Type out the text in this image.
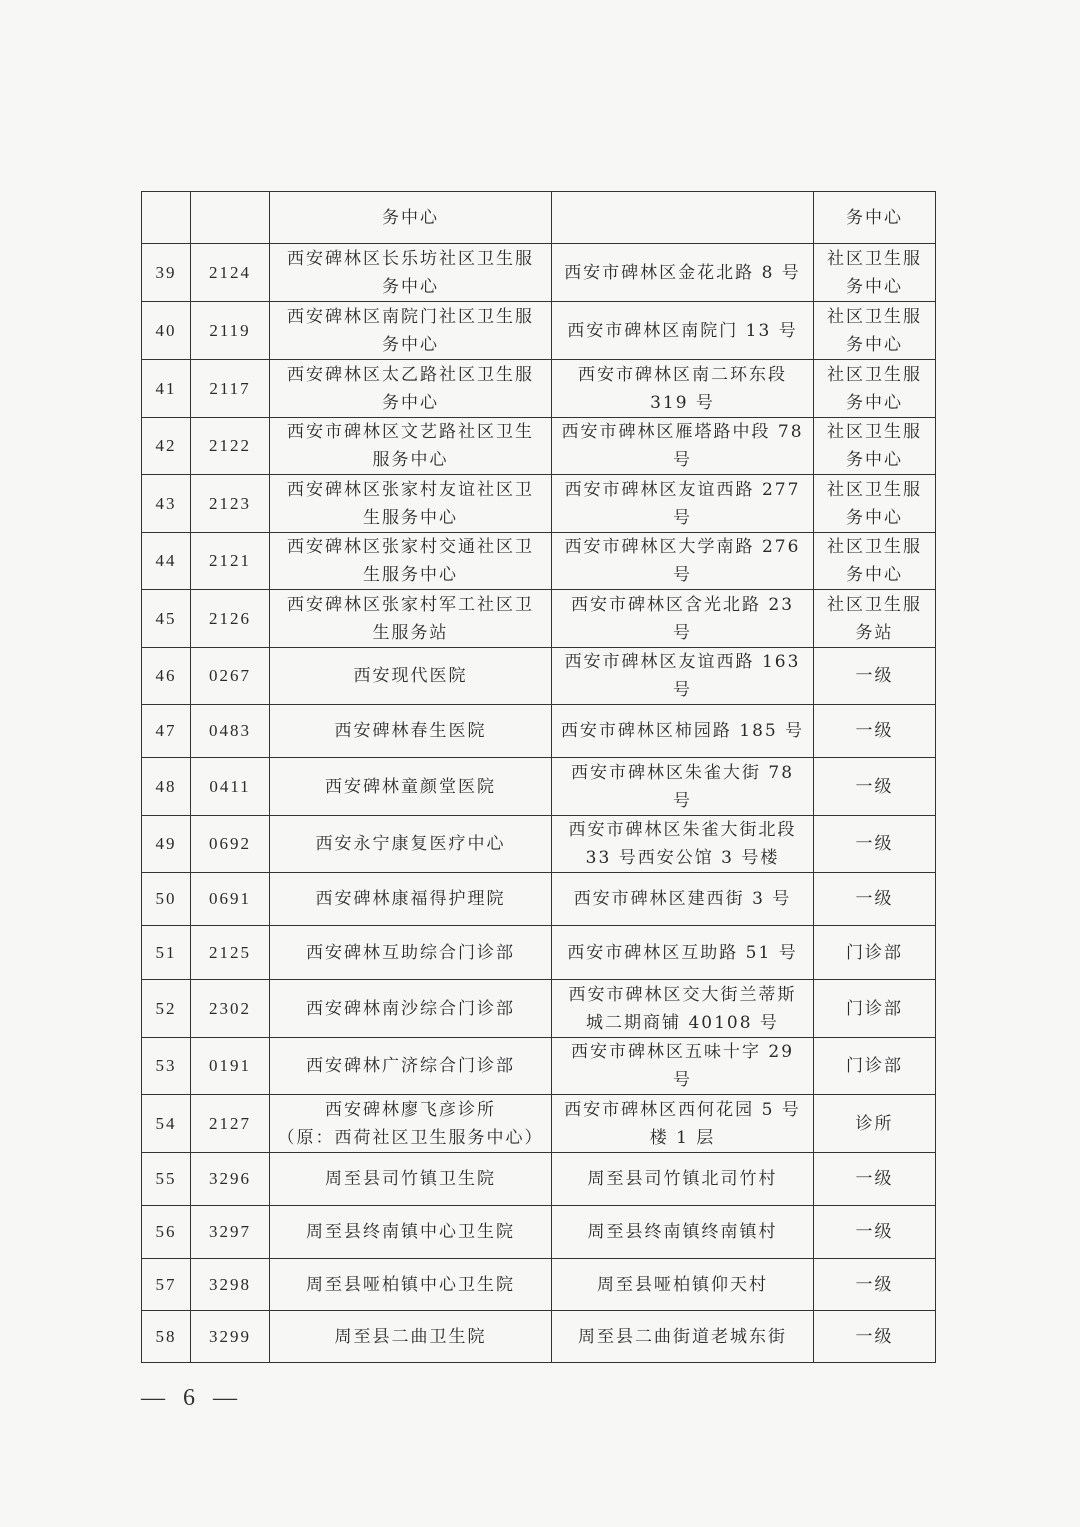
		务中心		务中心
39	2124	西安碑林区长乐坊社区卫生服
务中心	西安市碑林区金花北路 8 号	社区卫生服
务中心
40	2119	西安碑林区南院门社区卫生服
务中心	西安市碑林区南院门 13 号	社区卫生服
务中心
41	2117	西安碑林区太乙路社区卫生服
务中心	西安市碑林区南二环东段
319 号	社区卫生服
务中心
42	2122	西安市碑林区文艺路社区卫生
服务中心	西安市碑林区雁塔路中段 78
号	社区卫生服
务中心
43	2123	西安碑林区张家村友谊社区卫
生服务中心	西安市碑林区友谊西路 277
号	社区卫生服
务中心
44	2121	西安碑林区张家村交通社区卫
生服务中心	西安市碑林区大学南路 276
号	社区卫生服
务中心
45	2126	西安碑林区张家村军工社区卫
生服务站	西安市碑林区含光北路 23
号	社区卫生服
务站
46	0267	西安现代医院	西安市碑林区友谊西路 163
号	一级
47	0483	西安碑林春生医院	西安市碑林区柿园路 185 号	一级
48	0411	西安碑林童颜堂医院	西安市碑林区朱雀大街 78
号	一级
49	0692	西安永宁康复医疗中心	西安市碑林区朱雀大街北段
33 号西安公馆 3 号楼	一级
50	0691	西安碑林康福得护理院	西安市碑林区建西街 3 号	一级
51	2125	西安碑林互助综合门诊部	西安市碑林区互助路 51 号	门诊部
52	2302	西安碑林南沙综合门诊部	西安市碑林区交大街兰蒂斯
城二期商铺 40108 号	门诊部
53	0191	西安碑林广济综合门诊部	西安市碑林区五味十字 29
号	门诊部
54	2127	西安碑林廖飞彦诊所
（原：西荷社区卫生服务中心）	西安市碑林区西何花园 5 号
楼 1 层	诊所
55	3296	周至县司竹镇卫生院	周至县司竹镇北司竹村	一级
56	3297	周至县终南镇中心卫生院	周至县终南镇终南镇村	一级
57	3298	周至县哑柏镇中心卫生院	周至县哑柏镇仰天村	一级
58	3299	周至县二曲卫生院	周至县二曲街道老城东街	一级
— 6 —
